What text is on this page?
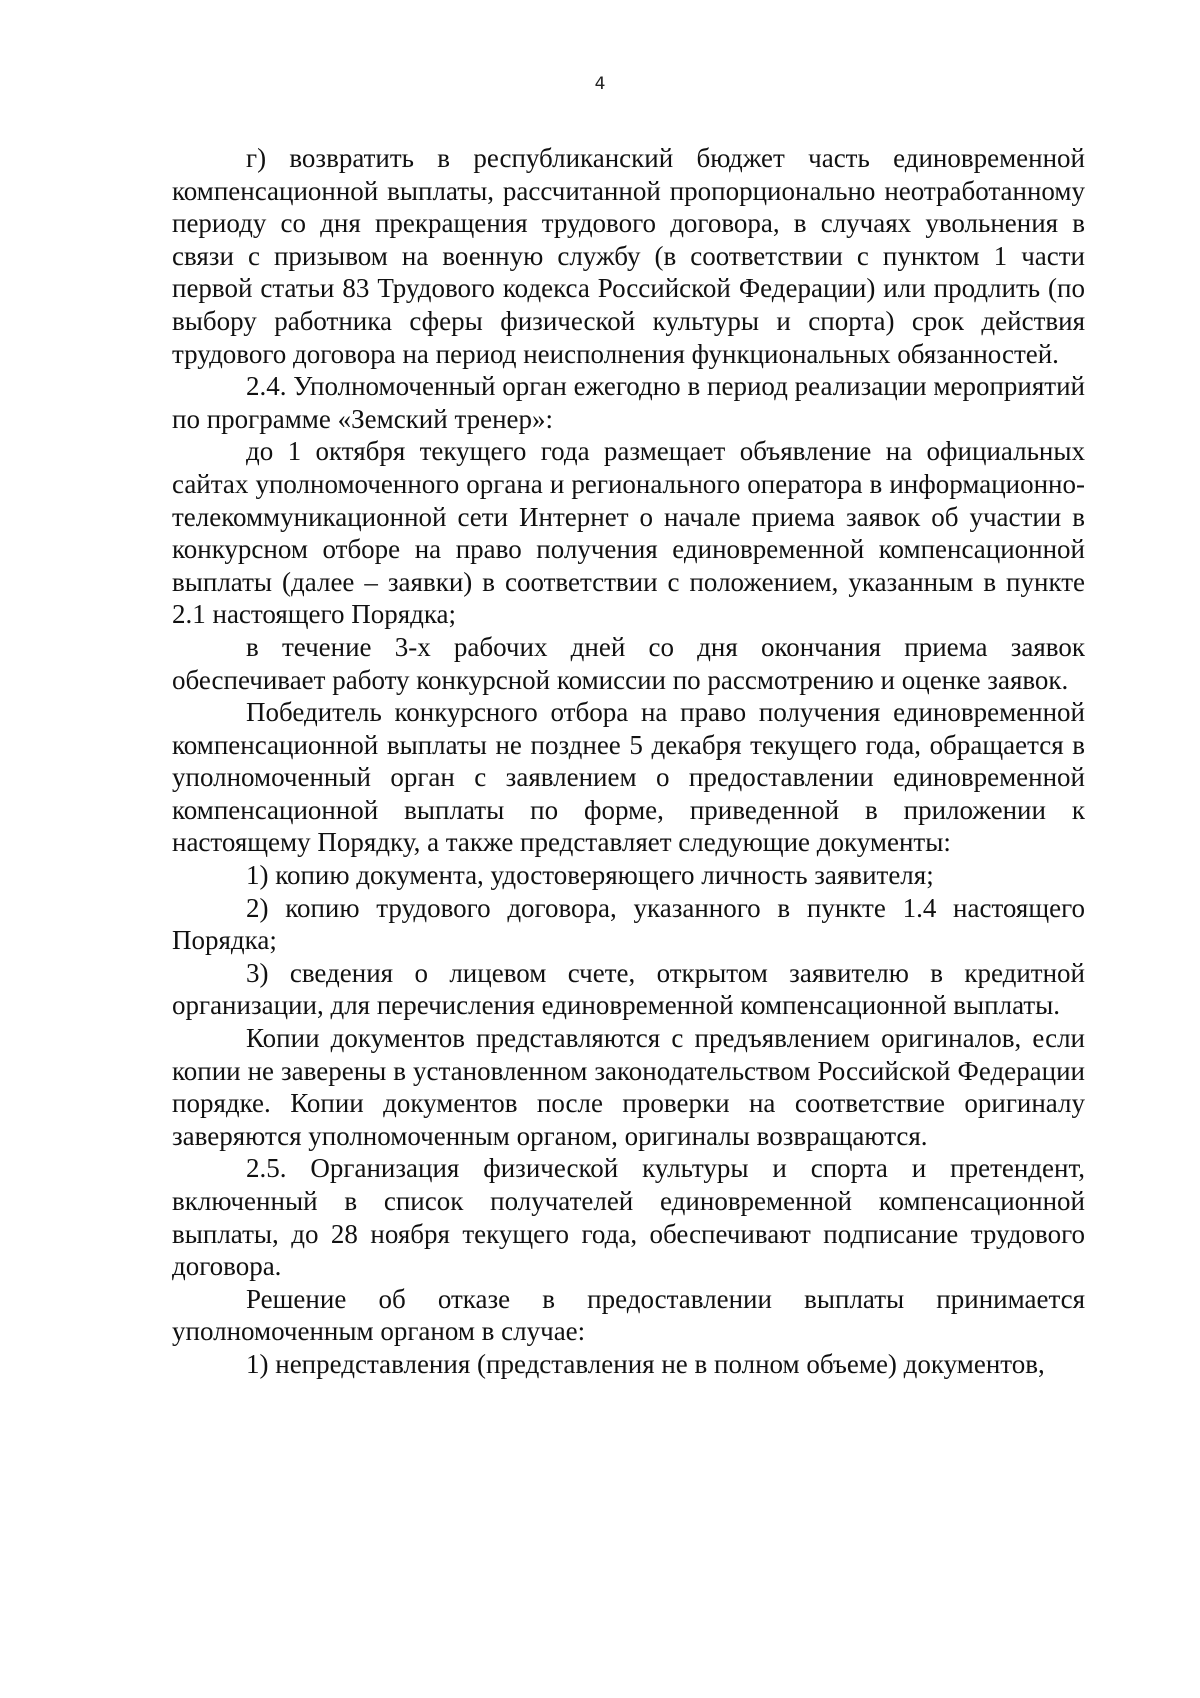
4

г) возвратить в республиканский бюджет часть единовременной компенсационной выплаты, рассчитанной пропорционально неотработанному периоду со дня прекращения трудового договора, в случаях увольнения в связи с призывом на военную службу (в соответствии с пунктом 1 части первой статьи 83 Трудового кодекса Российской Федерации) или продлить (по выбору работника сферы физической культуры и спорта) срок действия трудового договора на период неисполнения функциональных обязанностей.

2.4. Уполномоченный орган ежегодно в период реализации мероприятий по программе «Земский тренер»:

до 1 октября текущего года размещает объявление на официальных сайтах уполномоченного органа и регионального оператора в информационно-телекоммуникационной сети Интернет о начале приема заявок об участии в конкурсном отборе на право получения единовременной компенсационной выплаты (далее – заявки) в соответствии с положением, указанным в пункте 2.1 настоящего Порядка;

в течение 3-х рабочих дней со дня окончания приема заявок обеспечивает работу конкурсной комиссии по рассмотрению и оценке заявок.

Победитель конкурсного отбора на право получения единовременной компенсационной выплаты не позднее 5 декабря текущего года, обращается в уполномоченный орган с заявлением о предоставлении единовременной компенсационной выплаты по форме, приведенной в приложении к настоящему Порядку, а также представляет следующие документы:

1) копию документа, удостоверяющего личность заявителя;

2) копию трудового договора, указанного в пункте 1.4 настоящего Порядка;

3) сведения о лицевом счете, открытом заявителю в кредитной организации, для перечисления единовременной компенсационной выплаты.

Копии документов представляются с предъявлением оригиналов, если копии не заверены в установленном законодательством Российской Федерации порядке. Копии документов после проверки на соответствие оригиналу заверяются уполномоченным органом, оригиналы возвращаются.

2.5. Организация физической культуры и спорта и претендент, включенный в список получателей единовременной компенсационной выплаты, до 28 ноября текущего года, обеспечивают подписание трудового договора.

Решение об отказе в предоставлении выплаты принимается уполномоченным органом в случае:

1) непредставления (представления не в полном объеме) документов,
